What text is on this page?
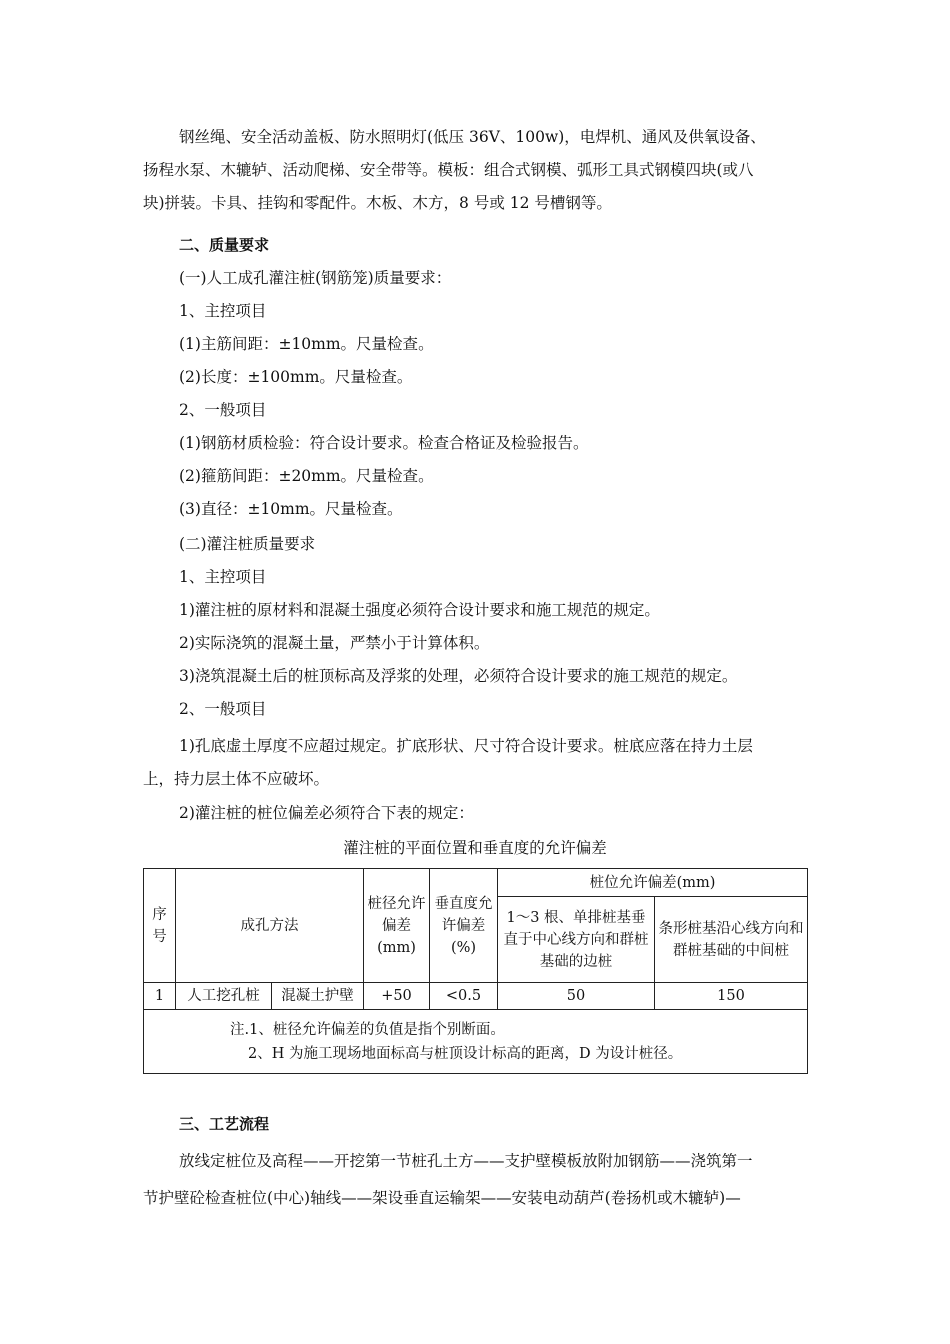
钢丝绳、安全活动盖板、防水照明灯(低压 36V、100w)，电焊机、通风及供氧设备、
扬程水泵、木辘轳、活动爬梯、安全带等。模板：组合式钢模、弧形工具式钢模四块(或八
块)拼装。卡具、挂钩和零配件。木板、木方，8 号或 12 号槽钢等。
二、质量要求
(一)人工成孔灌注桩(钢筋笼)质量要求：
1、主控项目
(1)主筋间距：±10mm。尺量检查。
(2)长度：±100mm。尺量检查。
2、一般项目
(1)钢筋材质检验：符合设计要求。检查合格证及检验报告。
(2)箍筋间距：±20mm。尺量检查。
(3)直径：±10mm。尺量检查。
(二)灌注桩质量要求
1、主控项目
1)灌注桩的原材料和混凝土强度必须符合设计要求和施工规范的规定。
2)实际浇筑的混凝土量，严禁小于计算体积。
3)浇筑混凝土后的桩顶标高及浮浆的处理，必须符合设计要求的施工规范的规定。
2、一般项目
1)孔底虚土厚度不应超过规定。扩底形状、尺寸符合设计要求。桩底应落在持力土层
上，持力层土体不应破坏。
2)灌注桩的桩位偏差必须符合下表的规定：
灌注桩的平面位置和垂直度的允许偏差
序号	成孔方法		桩径允许偏差(mm)	垂直度允许偏差(%)	桩位允许偏差(mm)	
					1～3 根、单排桩基垂直于中心线方向和群桩基础的边桩	条形桩基沿心线方向和群桩基础的中间桩
1	人工挖孔桩	混凝土护壁	+50	<0.5	50	150

注.1、桩径允许偏差的负值是指个别断面。
2、H 为施工现场地面标高与桩顶设计标高的距离，D 为设计桩径。						
三、工艺流程
放线定桩位及高程——开挖第一节桩孔土方——支护壁模板放附加钢筋——浇筑第一
节护壁砼检查桩位(中心)轴线——架设垂直运输架——安装电动葫芦(卷扬机或木辘轳)—
